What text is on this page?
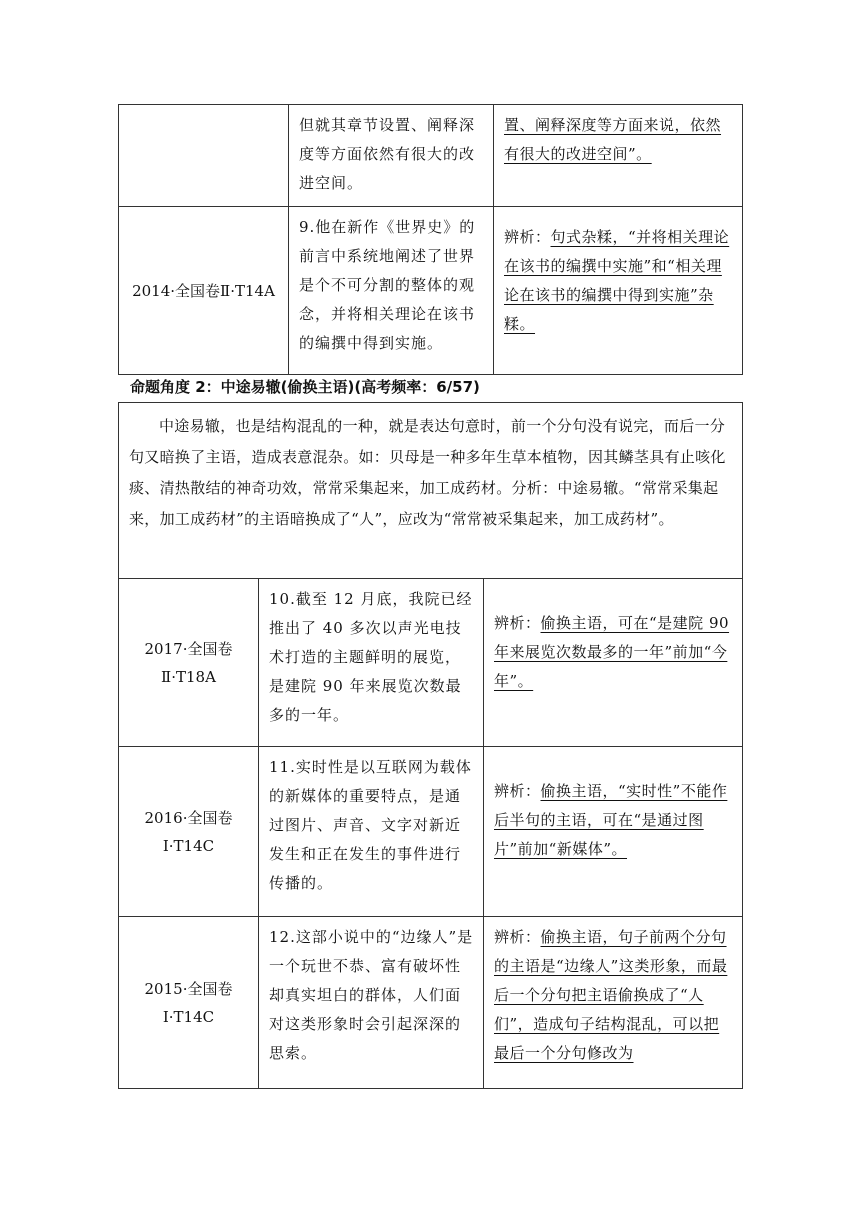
	但就其章节设置、阐释深度等方面依然有很大的改进空间。	置、阐释深度等方面来说，依然有很大的改进空间”。
2014·全国卷Ⅱ·T14A	9.他在新作《世界史》的前言中系统地阐述了世界是个不可分割的整体的观念，并将相关理论在该书的编撰中得到实施。	辨析：句式杂糅，“并将相关理论在该书的编撰中实施”和“相关理论在该书的编撰中得到实施”杂糅。
命题角度 2：中途易辙(偷换主语)(高考频率：6/57)
中途易辙，也是结构混乱的一种，就是表达句意时，前一个分句没有说完，而后一分句又暗换了主语，造成表意混杂。如：贝母是一种多年生草本植物，因其鳞茎具有止咳化痰、清热散结的神奇功效，常常采集起来，加工成药材。分析：中途易辙。“常常采集起来，加工成药材”的主语暗换成了“人”，应改为“常常被采集起来，加工成药材”。		

2017·全国卷
Ⅱ·T18A	10.截至 12 月底，我院已经推出了 40 多次以声光电技术打造的主题鲜明的展览，是建院 90 年来展览次数最多的一年。	辨析：偷换主语，可在“是建院 90 年来展览次数最多的一年”前加“今年”。

2016·全国卷
Ⅰ·T14C	11.实时性是以互联网为载体的新媒体的重要特点，是通过图片、声音、文字对新近发生和正在发生的事件进行传播的。	辨析：偷换主语，“实时性”不能作后半句的主语，可在“是通过图片”前加“新媒体”。

2015·全国卷
Ⅰ·T14C	12.这部小说中的“边缘人”是一个玩世不恭、富有破坏性却真实坦白的群体，人们面对这类形象时会引起深深的思索。	辨析：偷换主语，句子前两个分句的主语是“边缘人”这类形象，而最后一个分句把主语偷换成了“人们”，造成句子结构混乱，可以把最后一个分句修改为
